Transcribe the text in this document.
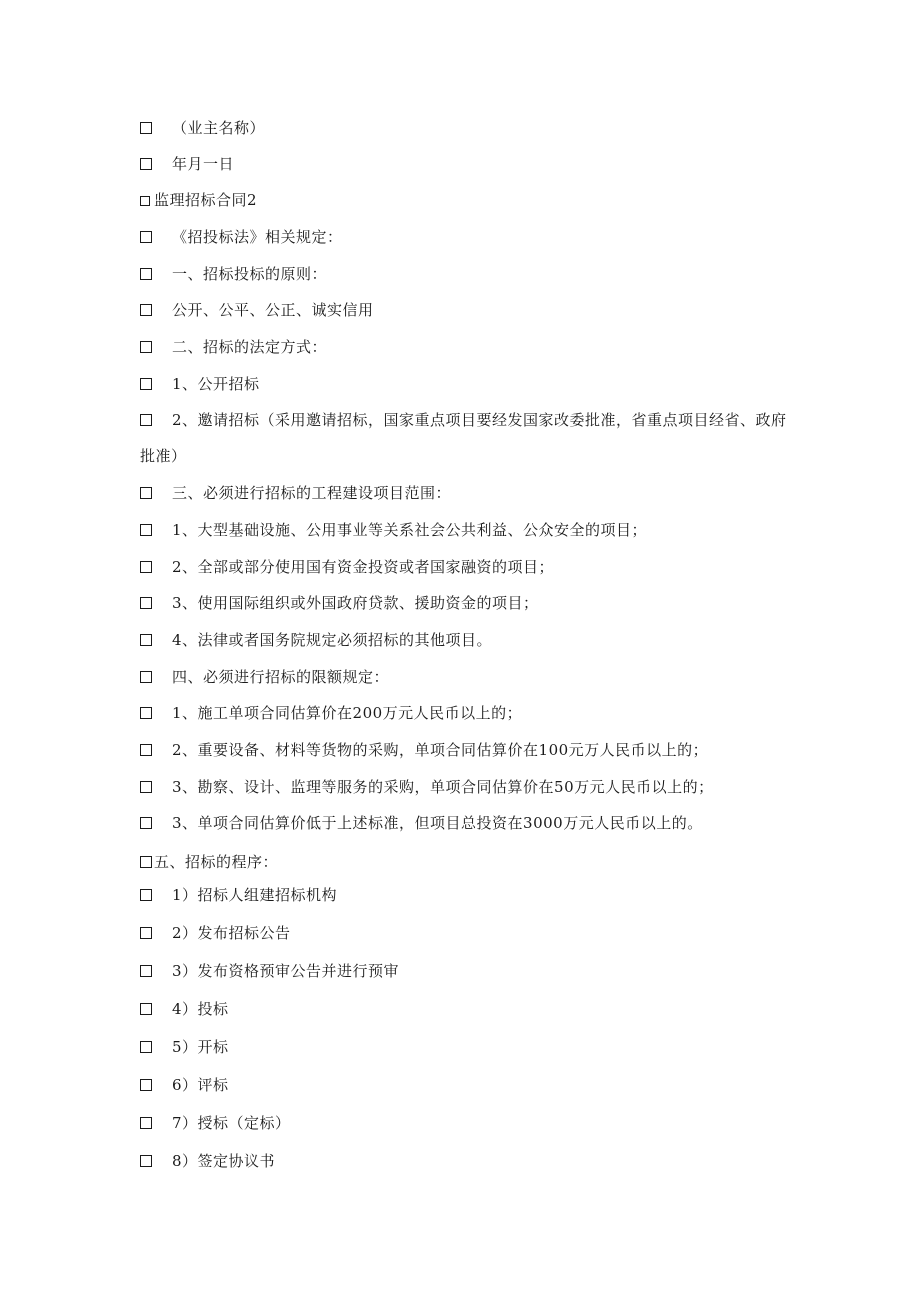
（业主名称）
年月一日
监理招标合同2
《招投标法》相关规定：
一、招标投标的原则：
公开、公平、公正、诚实信用
二、招标的法定方式：
1、公开招标
2、邀请招标（采用邀请招标，国家重点项目要经发国家改委批准，省重点项目经省、政府批准）
三、必须进行招标的工程建设项目范围：
1、大型基础设施、公用事业等关系社会公共利益、公众安全的项目；
2、全部或部分使用国有资金投资或者国家融资的项目；
3、使用国际组织或外国政府贷款、援助资金的项目；
4、法律或者国务院规定必须招标的其他项目。
四、必须进行招标的限额规定：
1、施工单项合同估算价在200万元人民币以上的；
2、重要设备、材料等货物的采购，单项合同估算价在100元万人民币以上的；
3、勘察、设计、监理等服务的采购，单项合同估算价在50万元人民币以上的；
3、单项合同估算价低于上述标准，但项目总投资在3000万元人民币以上的。
五、招标的程序：
1）招标人组建招标机构
2）发布招标公告
3）发布资格预审公告并进行预审
4）投标
5）开标
6）评标
7）授标（定标）
8）签定协议书
